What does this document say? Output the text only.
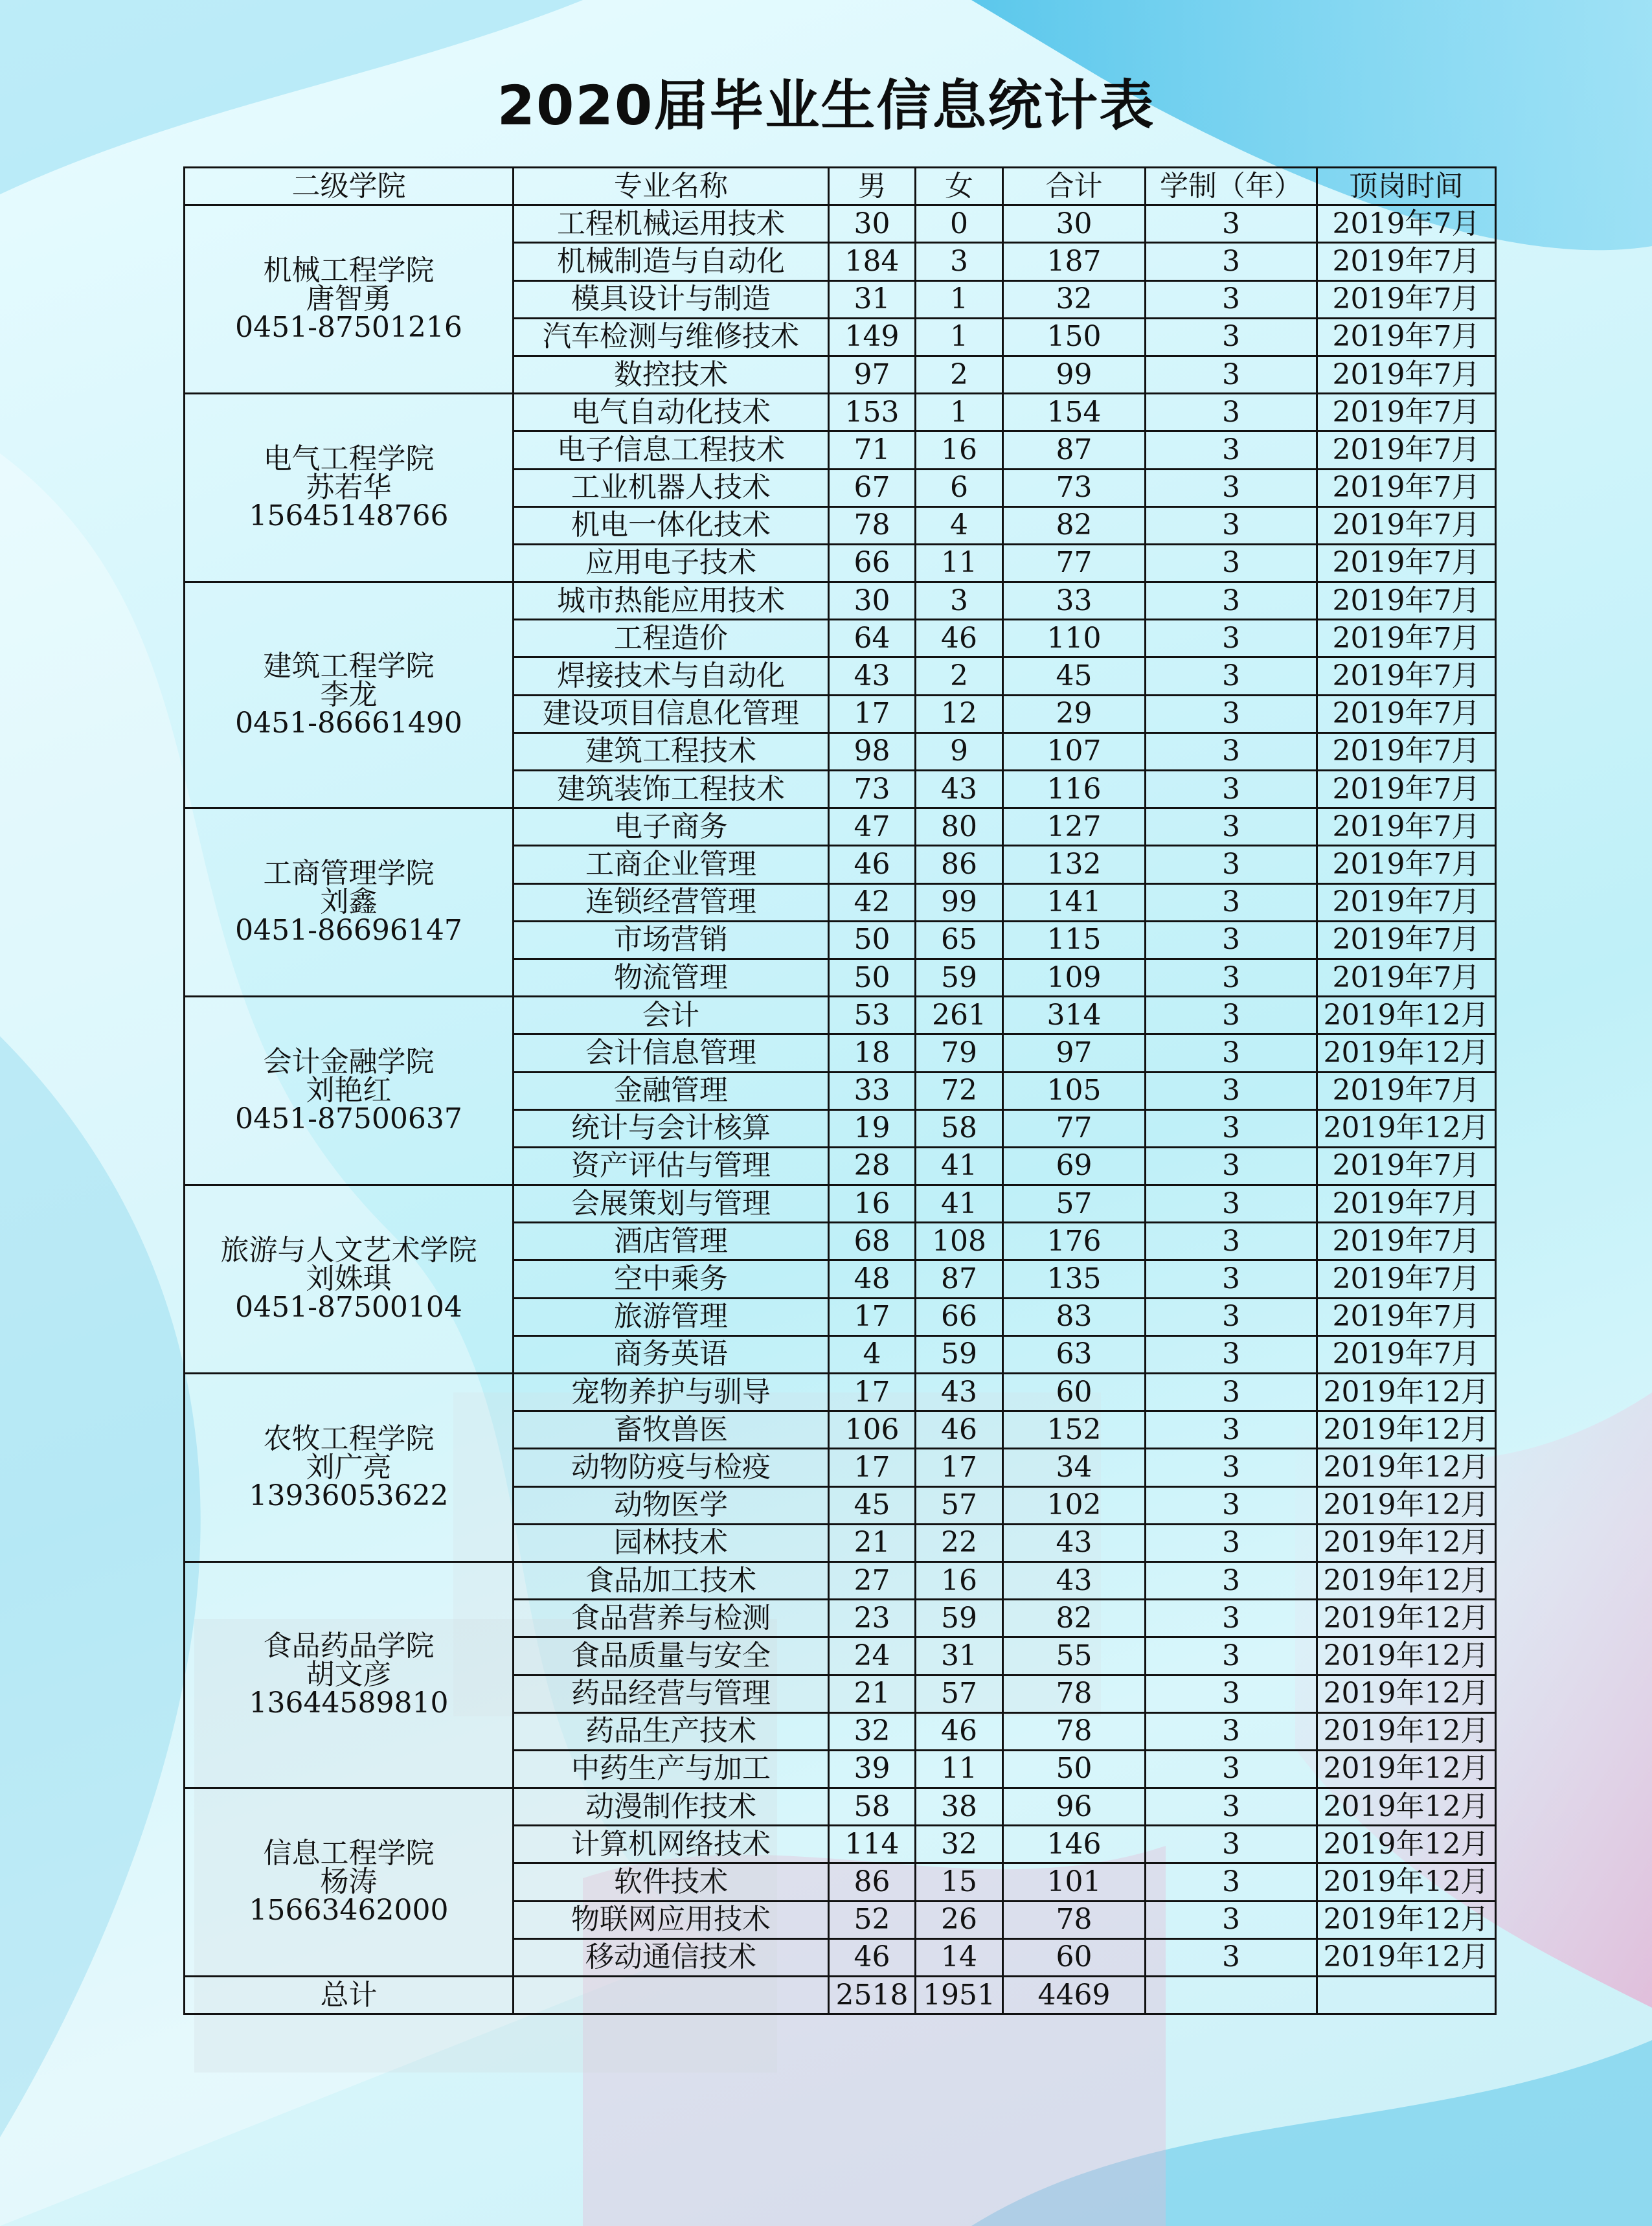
2020届毕业生信息统计表
二级学院	专业名称	男	女	合计	学制（年）	顶岗时间

机械工程学院
唐智勇
0451-87501216	工程机械运用技术	30	0	30	3	2019年7月
	机械制造与自动化	184	3	187	3	2019年7月
	模具设计与制造	31	1	32	3	2019年7月
	汽车检测与维修技术	149	1	150	3	2019年7月
	数控技术	97	2	99	3	2019年7月

电气工程学院
苏若华
15645148766	电气自动化技术	153	1	154	3	2019年7月
	电子信息工程技术	71	16	87	3	2019年7月
	工业机器人技术	67	6	73	3	2019年7月
	机电一体化技术	78	4	82	3	2019年7月
	应用电子技术	66	11	77	3	2019年7月

建筑工程学院
李龙
0451-86661490	城市热能应用技术	30	3	33	3	2019年7月
	工程造价	64	46	110	3	2019年7月
	焊接技术与自动化	43	2	45	3	2019年7月
	建设项目信息化管理	17	12	29	3	2019年7月
	建筑工程技术	98	9	107	3	2019年7月
	建筑装饰工程技术	73	43	116	3	2019年7月

工商管理学院
刘鑫
0451-86696147	电子商务	47	80	127	3	2019年7月
	工商企业管理	46	86	132	3	2019年7月
	连锁经营管理	42	99	141	3	2019年7月
	市场营销	50	65	115	3	2019年7月
	物流管理	50	59	109	3	2019年7月

会计金融学院
刘艳红
0451-87500637	会计	53	261	314	3	2019年12月
	会计信息管理	18	79	97	3	2019年12月
	金融管理	33	72	105	3	2019年7月
	统计与会计核算	19	58	77	3	2019年12月
	资产评估与管理	28	41	69	3	2019年7月

旅游与人文艺术学院
刘姝琪
0451-87500104	会展策划与管理	16	41	57	3	2019年7月
	酒店管理	68	108	176	3	2019年7月
	空中乘务	48	87	135	3	2019年7月
	旅游管理	17	66	83	3	2019年7月
	商务英语	4	59	63	3	2019年7月

农牧工程学院
刘广亮
13936053622	宠物养护与驯导	17	43	60	3	2019年12月
	畜牧兽医	106	46	152	3	2019年12月
	动物防疫与检疫	17	17	34	3	2019年12月
	动物医学	45	57	102	3	2019年12月
	园林技术	21	22	43	3	2019年12月

食品药品学院
胡文彦
13644589810	食品加工技术	27	16	43	3	2019年12月
	食品营养与检测	23	59	82	3	2019年12月
	食品质量与安全	24	31	55	3	2019年12月
	药品经营与管理	21	57	78	3	2019年12月
	药品生产技术	32	46	78	3	2019年12月
	中药生产与加工	39	11	50	3	2019年12月

信息工程学院
杨涛
15663462000	动漫制作技术	58	38	96	3	2019年12月
	计算机网络技术	114	32	146	3	2019年12月
	软件技术	86	15	101	3	2019年12月
	物联网应用技术	52	26	78	3	2019年12月
	移动通信技术	46	14	60	3	2019年12月
总计		2518	1951	4469		
